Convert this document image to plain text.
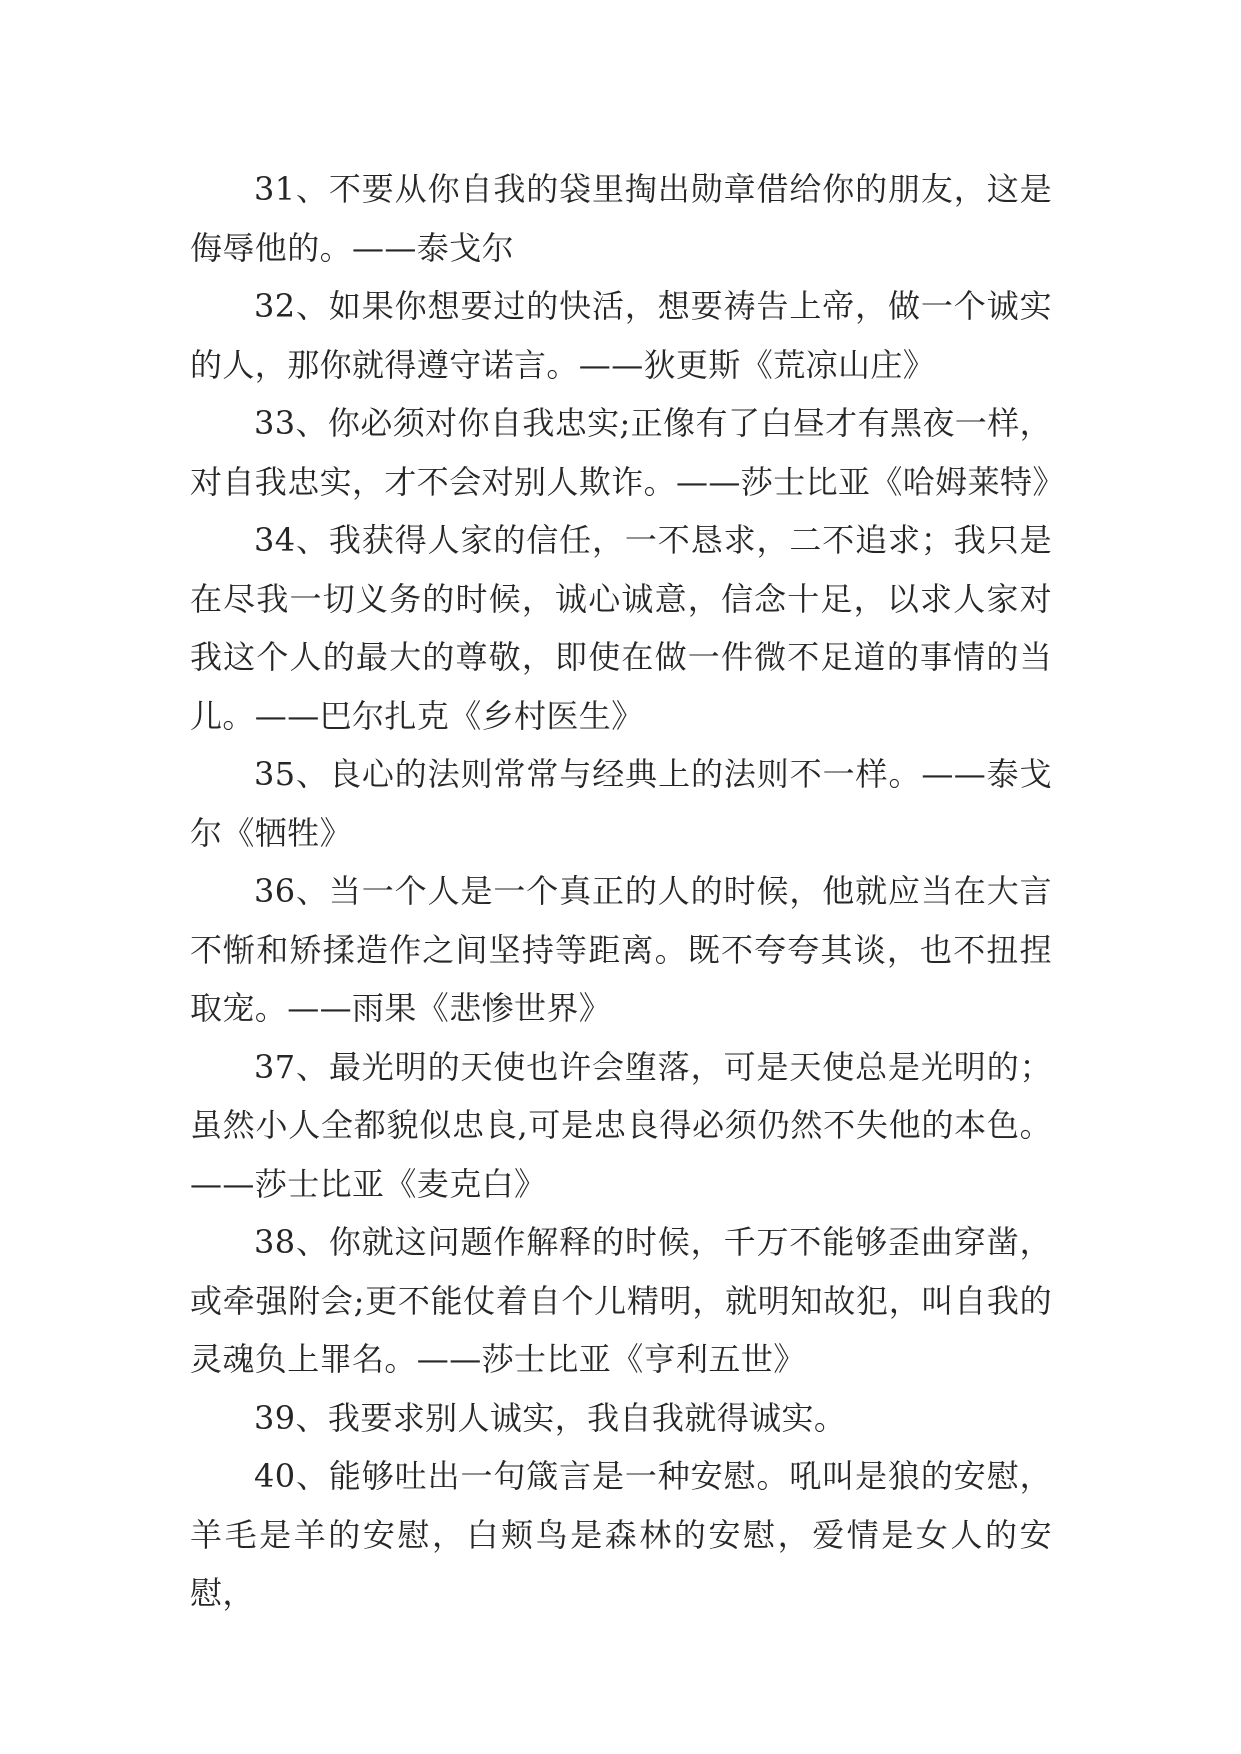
31、不要从你自我的袋里掏出勋章借给你的朋友，这是侮辱他的。——泰戈尔

32、如果你想要过的快活，想要祷告上帝，做一个诚实的人，那你就得遵守诺言。——狄更斯《荒凉山庄》

33、你必须对你自我忠实;正像有了白昼才有黑夜一样，对自我忠实，才不会对别人欺诈。——莎士比亚《哈姆莱特》

34、我获得人家的信任，一不恳求，二不追求；我只是在尽我一切义务的时候，诚心诚意，信念十足，以求人家对我这个人的最大的尊敬，即使在做一件微不足道的事情的当儿。——巴尔扎克《乡村医生》

35、良心的法则常常与经典上的法则不一样。——泰戈尔《牺牲》

36、当一个人是一个真正的人的时候，他就应当在大言不惭和矫揉造作之间坚持等距离。既不夸夸其谈，也不扭捏取宠。——雨果《悲惨世界》

37、最光明的天使也许会堕落，可是天使总是光明的；虽然小人全都貌似忠良,可是忠良得必须仍然不失他的本色。——莎士比亚《麦克白》

38、你就这问题作解释的时候，千万不能够歪曲穿凿，或牵强附会;更不能仗着自个儿精明，就明知故犯，叫自我的灵魂负上罪名。——莎士比亚《亨利五世》

39、我要求别人诚实，我自我就得诚实。

40、能够吐出一句箴言是一种安慰。吼叫是狼的安慰，羊毛是羊的安慰，白颊鸟是森林的安慰，爱情是女人的安慰，
